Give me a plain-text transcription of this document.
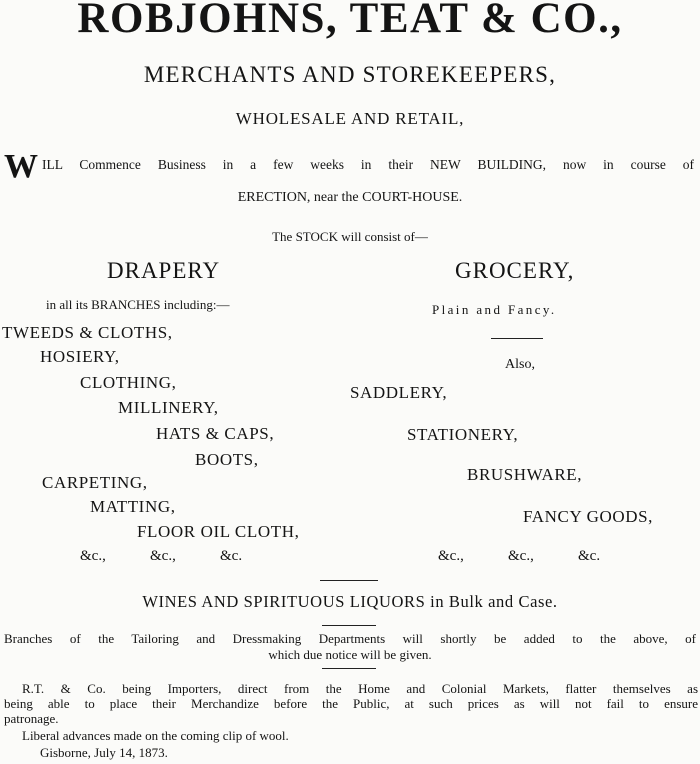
ROBJOHNS, TEAT & CO.,
MERCHANTS AND STOREKEEPERS,
WHOLESALE AND RETAIL,
W ILL Commence Business in a few weeks in their NEW BUILDING, now in course of
ERECTION, near the COURT-HOUSE.
The STOCK will consist of—
DRAPERY
in all its BRANCHES including:—
TWEEDS & CLOTHS,
HOSIERY,
CLOTHING,
MILLINERY,
HATS & CAPS,
BOOTS,
CARPETING,
MATTING,
FLOOR OIL CLOTH,
&c.,	&c.,	&c.
GROCERY,
Plain and Fancy.
Also,
SADDLERY,
STATIONERY,
BRUSHWARE,
FANCY GOODS,
&c.,	&c.,	&c.
WINES AND SPIRITUOUS LIQUORS in Bulk and Case.
Branches of the Tailoring and Dressmaking Departments will shortly be added to the above, of
which due notice will be given.
R.T. & Co. being Importers, direct from the Home and Colonial Markets, flatter themselves as
being able to place their Merchandize before the Public, at such prices as will not fail to ensure
patronage.
Liberal advances made on the coming clip of wool.
Gisborne, July 14, 1873.
